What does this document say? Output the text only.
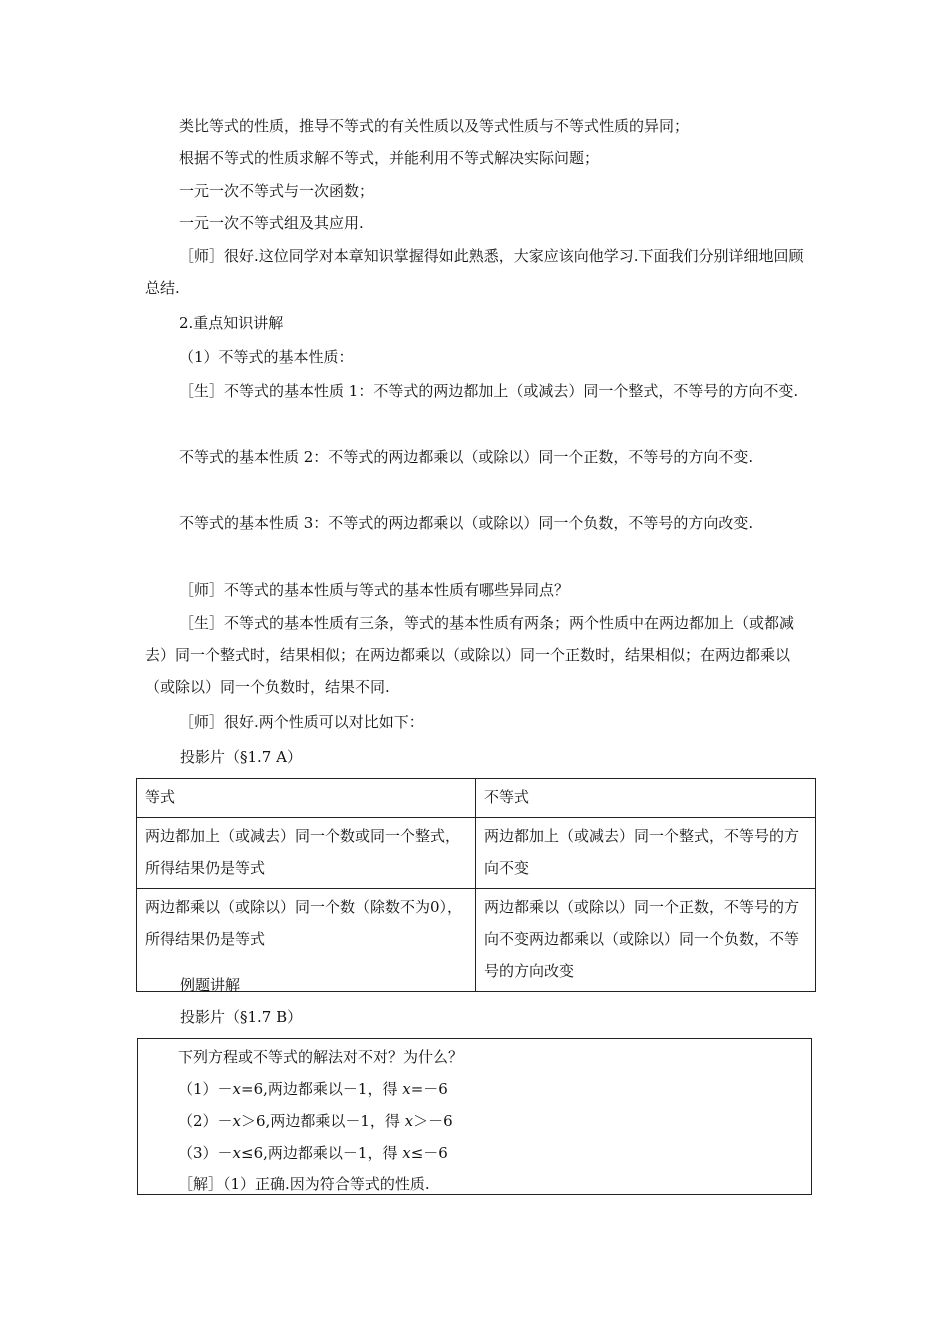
类比等式的性质，推导不等式的有关性质以及等式性质与不等式性质的异同；

根据不等式的性质求解不等式，并能利用不等式解决实际问题；

一元一次不等式与一次函数；

一元一次不等式组及其应用.

［师］很好.这位同学对本章知识掌握得如此熟悉，大家应该向他学习.下面我们分别详细地回顾总结.

2.重点知识讲解

（1）不等式的基本性质：

［生］不等式的基本性质 1：不等式的两边都加上（或减去）同一个整式，不等号的方向不变.

不等式的基本性质 2：不等式的两边都乘以（或除以）同一个正数，不等号的方向不变.

不等式的基本性质 3：不等式的两边都乘以（或除以）同一个负数，不等号的方向改变.

［师］不等式的基本性质与等式的基本性质有哪些异同点？

［生］不等式的基本性质有三条，等式的基本性质有两条；两个性质中在两边都加上（或都减去）同一个整式时，结果相似；在两边都乘以（或除以）同一个正数时，结果相似；在两边都乘以（或除以）同一个负数时，结果不同.

［师］很好.两个性质可以对比如下：

投影片（§1.7 A）

等式	不等式
两边都加上（或减去）同一个数或同一个整式，所得结果仍是等式	两边都加上（或减去）同一个整式，不等号的方向不变
两边都乘以（或除以）同一个数（除数不为0），所得结果仍是等式	两边都乘以（或除以）同一个正数，不等号的方向不变两边都乘以（或除以）同一个负数，不等号的方向改变

例题讲解

投影片（§1.7 B）

下列方程或不等式的解法对不对？为什么？

（1）－x=6,两边都乘以－1，得 x=－6

（2）－x＞6,两边都乘以－1，得 x＞－6

（3）－x≤6,两边都乘以－1，得 x≤－6

［解］（1）正确.因为符合等式的性质.
